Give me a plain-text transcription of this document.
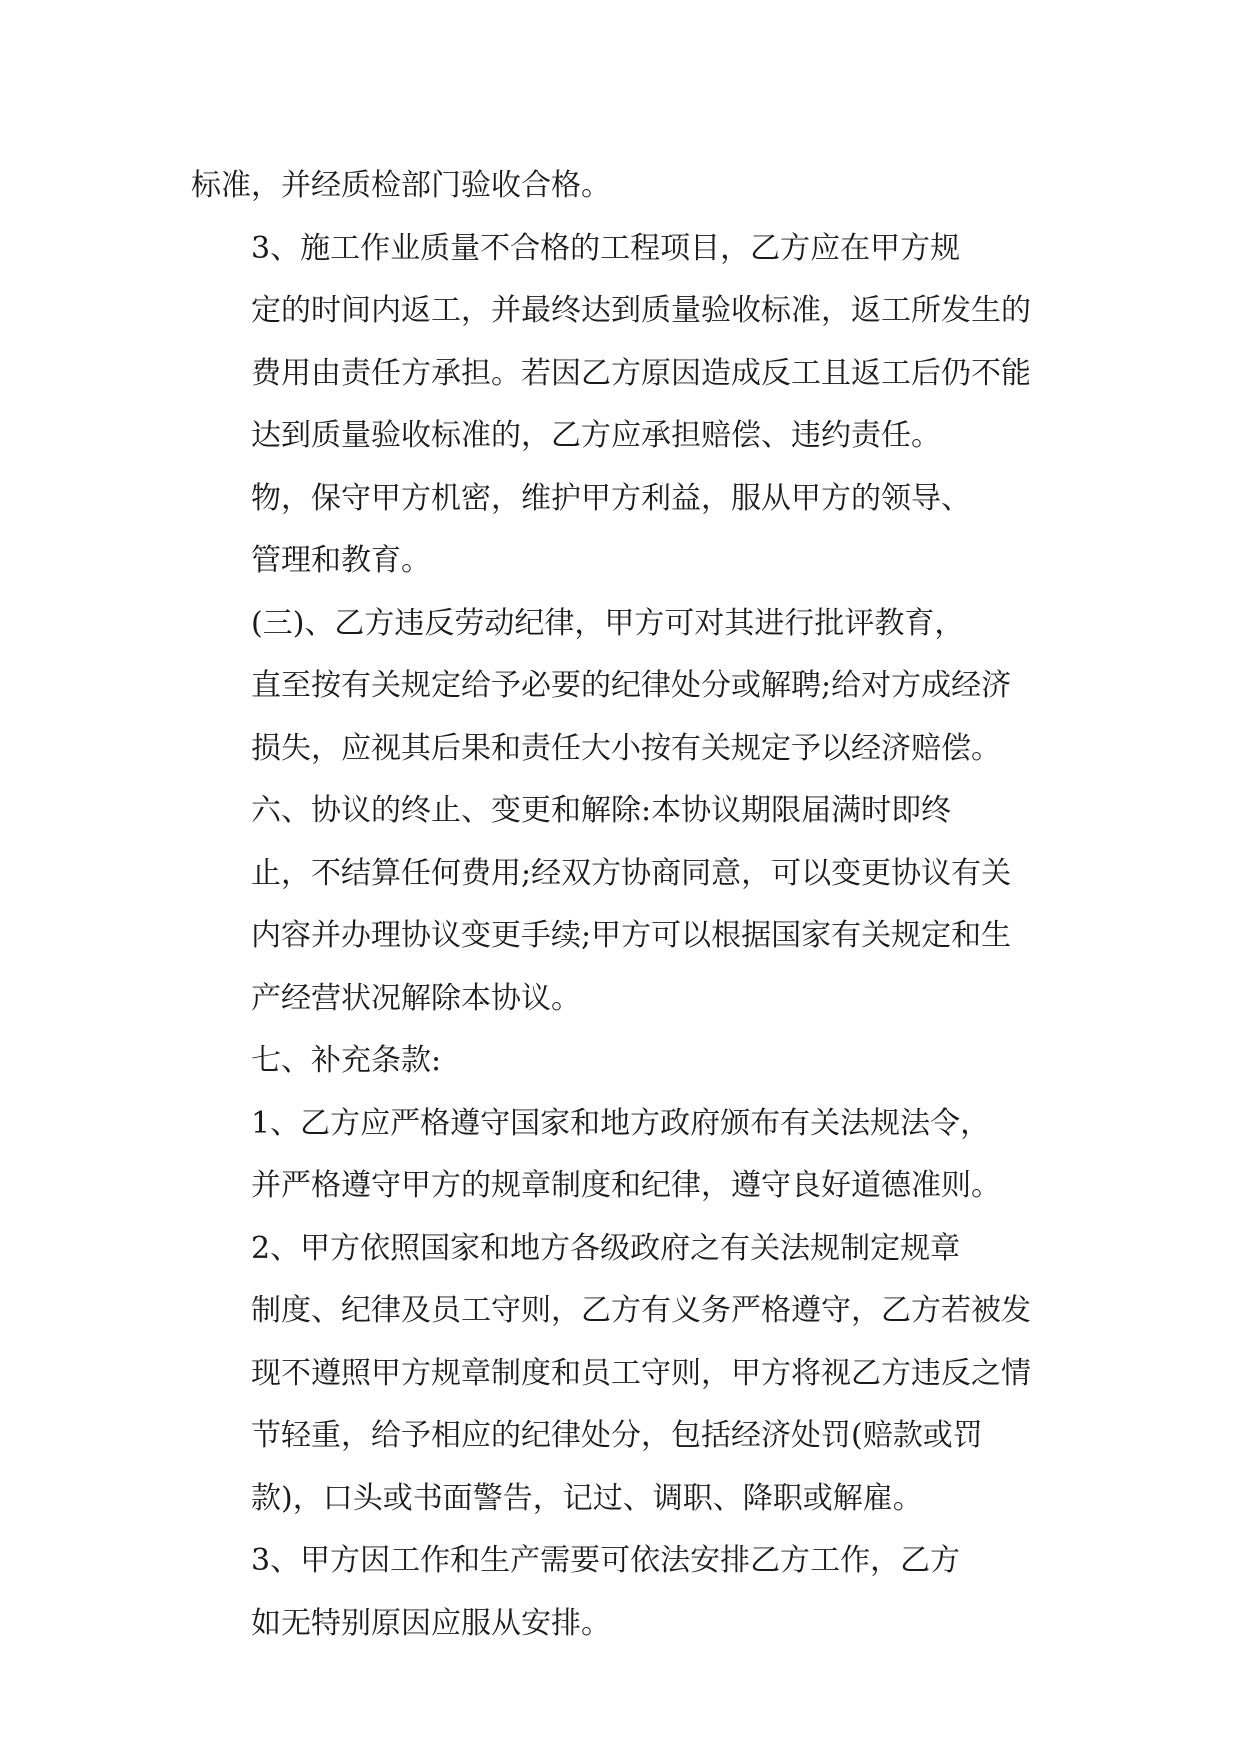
标准，并经质检部门验收合格。
3、施工作业质量不合格的工程项目，乙方应在甲方规
定的时间内返工，并最终达到质量验收标准，返工所发生的
费用由责任方承担。若因乙方原因造成反工且返工后仍不能
达到质量验收标准的，乙方应承担赔偿、违约责任。
物，保守甲方机密，维护甲方利益，服从甲方的领导、
管理和教育。
(三)、乙方违反劳动纪律，甲方可对其进行批评教育，
直至按有关规定给予必要的纪律处分或解聘;给对方成经济
损失，应视其后果和责任大小按有关规定予以经济赔偿。
六、协议的终止、变更和解除:本协议期限届满时即终
止，不结算任何费用;经双方协商同意，可以变更协议有关
内容并办理协议变更手续;甲方可以根据国家有关规定和生
产经营状况解除本协议。
七、补充条款:
1、乙方应严格遵守国家和地方政府颁布有关法规法令，
并严格遵守甲方的规章制度和纪律，遵守良好道德准则。
2、甲方依照国家和地方各级政府之有关法规制定规章
制度、纪律及员工守则，乙方有义务严格遵守，乙方若被发
现不遵照甲方规章制度和员工守则，甲方将视乙方违反之情
节轻重，给予相应的纪律处分，包括经济处罚(赔款或罚
款)，口头或书面警告，记过、调职、降职或解雇。
3、甲方因工作和生产需要可依法安排乙方工作，乙方
如无特别原因应服从安排。
